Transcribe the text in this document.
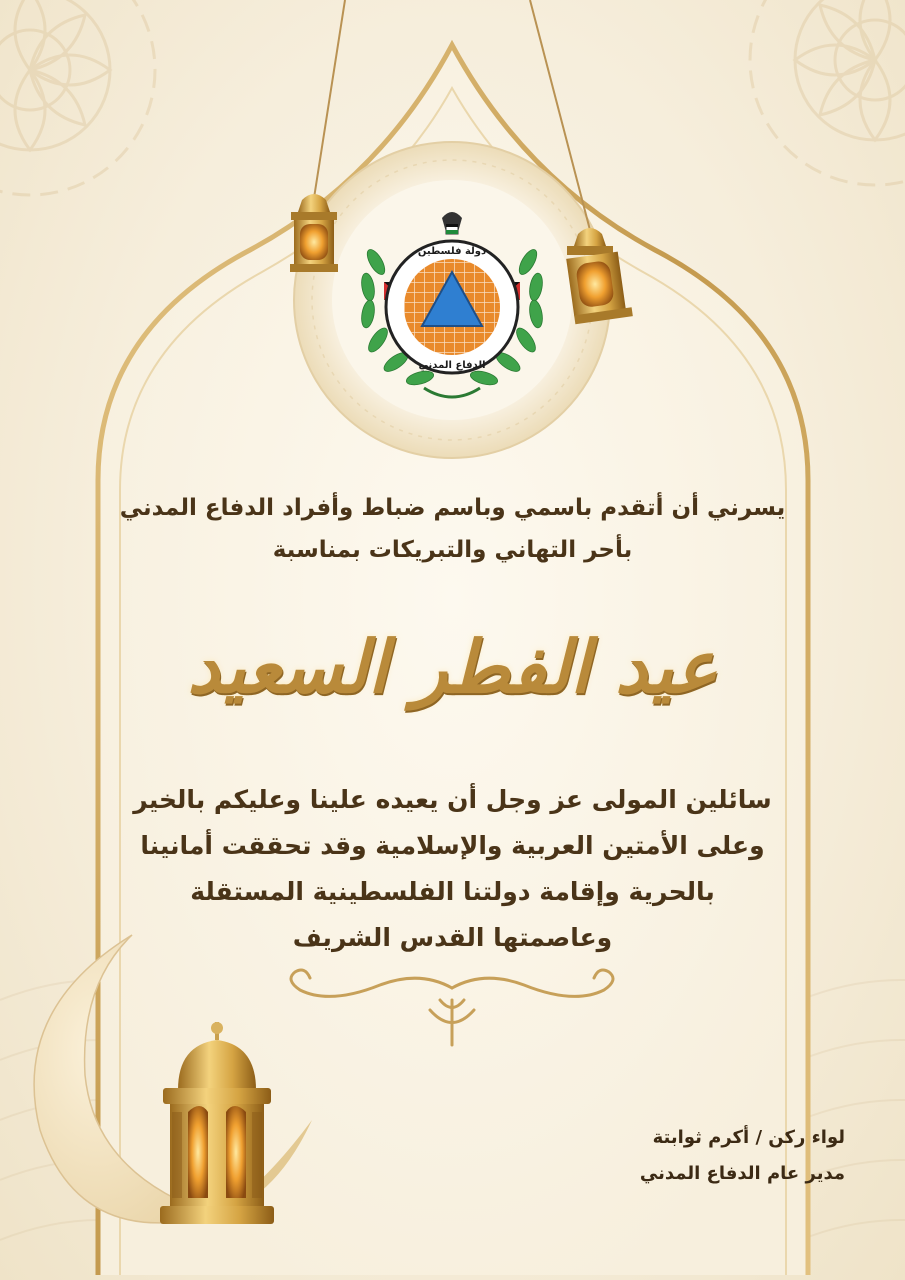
دولة فلسطين
الدفاع المدني
يسرني أن أتقدم باسمي وباسم ضباط وأفراد الدفاع المدني
بأحر التهاني والتبريكات بمناسبة
عيد الفطر السعيد
سائلين المولى عز وجل أن يعيده علينا وعليكم بالخير
وعلى الأمتين العربية والإسلامية وقد تحققت أمانينا
بالحرية وإقامة دولتنا الفلسطينية المستقلة
وعاصمتها القدس الشريف
لواء ركن / أكرم ثوابتة
مدير عام الدفاع المدني
